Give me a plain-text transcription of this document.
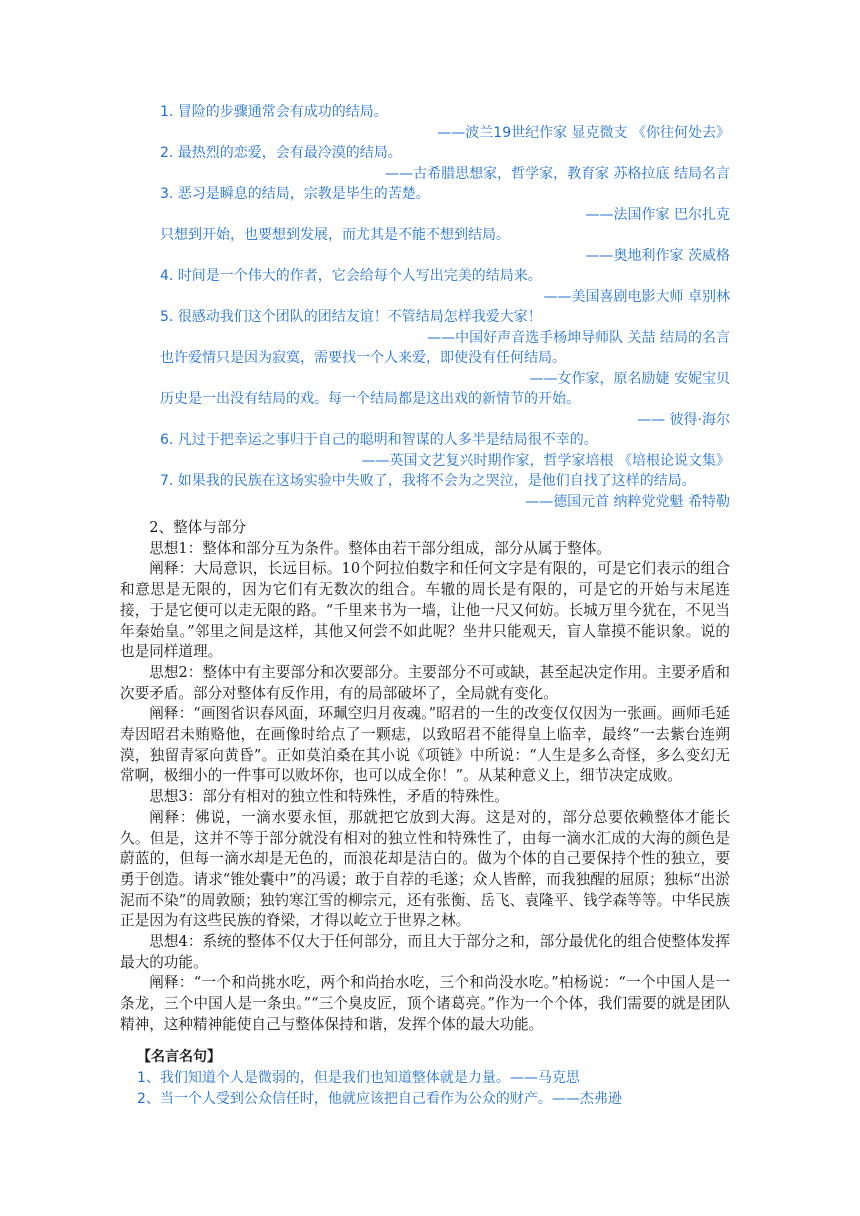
1. 冒险的步骤通常会有成功的结局。
——波兰19世纪作家 显克微支 《你往何处去》
2. 最热烈的恋爱，会有最冷漠的结局。
——古希腊思想家，哲学家，教育家 苏格拉底 结局名言
3. 恶习是瞬息的结局，宗教是毕生的苦楚。
——法国作家 巴尔扎克
只想到开始，也要想到发展，而尤其是不能不想到结局。
——奥地利作家 茨威格
4. 时间是一个伟大的作者，它会给每个人写出完美的结局来。
——美国喜剧电影大师 卓别林
5. 很感动我们这个团队的团结友谊！不管结局怎样我爱大家！
——中国好声音选手杨坤导师队 关喆 结局的名言
也许爱情只是因为寂寞，需要找一个人来爱，即使没有任何结局。
——女作家，原名励婕 安妮宝贝
历史是一出没有结局的戏。每一个结局都是这出戏的新情节的开始。
—— 彼得·海尔
6. 凡过于把幸运之事归于自己的聪明和智谋的人多半是结局很不幸的。
——英国文艺复兴时期作家，哲学家培根 《培根论说文集》
7. 如果我的民族在这场实验中失败了，我将不会为之哭泣，是他们自找了这样的结局。
——德国元首 纳粹党党魁 希特勒

2、整体与部分

思想1：整体和部分互为条件。整体由若干部分组成，部分从属于整体。

阐释：大局意识，长远目标。10个阿拉伯数字和任何文字是有限的，可是它们表示的组合和意思是无限的，因为它们有无数次的组合。车辙的周长是有限的，可是它的开始与末尾连接，于是它便可以走无限的路。“千里来书为一墙，让他一尺又何妨。长城万里今犹在，不见当年秦始皇。”邻里之间是这样，其他又何尝不如此呢？坐井只能观天，盲人靠摸不能识象。说的也是同样道理。

思想2：整体中有主要部分和次要部分。主要部分不可或缺，甚至起决定作用。主要矛盾和次要矛盾。部分对整体有反作用，有的局部破坏了，全局就有变化。

阐释：“画图省识春风面，环珮空归月夜魂。”昭君的一生的改变仅仅因为一张画。画师毛延寿因昭君未贿赂他，在画像时给点了一颗痣，以致昭君不能得皇上临幸，最终“一去紫台连朔漠，独留青冢向黄昏”。正如莫泊桑在其小说《项链》中所说：“人生是多么奇怪，多么变幻无常啊，极细小的一件事可以败坏你，也可以成全你！”。从某种意义上，细节决定成败。

思想3：部分有相对的独立性和特殊性，矛盾的特殊性。

阐释：佛说，一滴水要永恒，那就把它放到大海。这是对的，部分总要依赖整体才能长久。但是，这并不等于部分就没有相对的独立性和特殊性了，由每一滴水汇成的大海的颜色是蔚蓝的，但每一滴水却是无色的，而浪花却是洁白的。做为个体的自己要保持个性的独立，要勇于创造。请求“锥处囊中”的冯谖；敢于自荐的毛遂；众人皆醉，而我独醒的屈原；独标“出淤泥而不染”的周敦颐；独钓寒江雪的柳宗元，还有张衡、岳飞、袁隆平、钱学森等等。中华民族正是因为有这些民族的脊梁，才得以屹立于世界之林。

思想4：系统的整体不仅大于任何部分，而且大于部分之和，部分最优化的组合使整体发挥最大的功能。

阐释：“一个和尚挑水吃，两个和尚抬水吃，三个和尚没水吃。”柏杨说：“一个中国人是一条龙，三个中国人是一条虫。”“三个臭皮匠，顶个诸葛亮。”作为一个个体，我们需要的就是团队精神，这种精神能使自己与整体保持和谐，发挥个体的最大功能。

【名言名句】
1、我们知道个人是微弱的，但是我们也知道整体就是力量。——马克思
2、当一个人受到公众信任时，他就应该把自己看作为公众的财产。——杰弗逊
